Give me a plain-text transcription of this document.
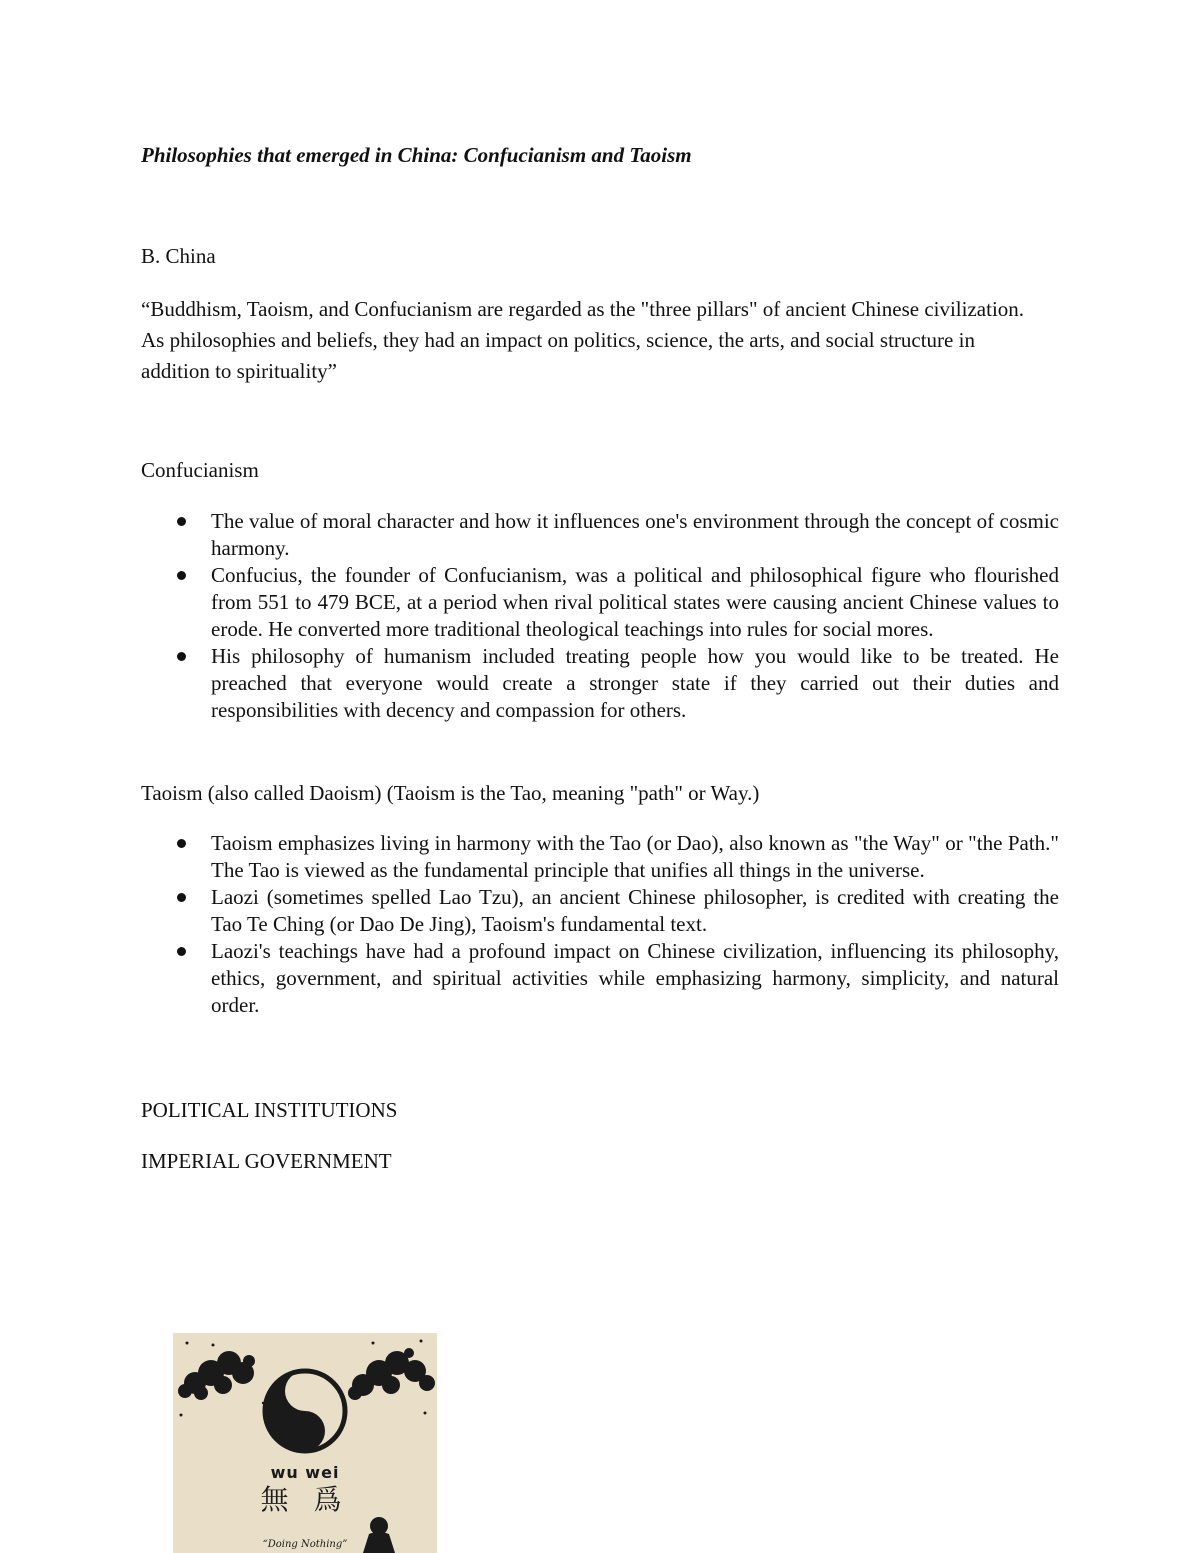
Philosophies that emerged in China: Confucianism and Taoism
B. China
“Buddhism, Taoism, and Confucianism are regarded as the "three pillars" of ancient Chinese civilization. As philosophies and beliefs, they had an impact on politics, science, the arts, and social structure in addition to spirituality”
Confucianism
The value of moral character and how it influences one's environment through the concept of cosmic harmony.
Confucius, the founder of Confucianism, was a political and philosophical figure who flourished from 551 to 479 BCE, at a period when rival political states were causing ancient Chinese values to erode. He converted more traditional theological teachings into rules for social mores.
His philosophy of humanism included treating people how you would like to be treated. He preached that everyone would create a stronger state if they carried out their duties and responsibilities with decency and compassion for others.
Taoism (also called Daoism) (Taoism is the Tao, meaning "path" or Way.)
Taoism emphasizes living in harmony with the Tao (or Dao), also known as "the Way" or "the Path." The Tao is viewed as the fundamental principle that unifies all things in the universe.
Laozi (sometimes spelled Lao Tzu), an ancient Chinese philosopher, is credited with creating the Tao Te Ching (or Dao De Jing), Taoism's fundamental text.
Laozi's teachings have had a profound impact on Chinese civilization, influencing its philosophy, ethics, government, and spiritual activities while emphasizing harmony, simplicity, and natural order.
POLITICAL INSTITUTIONS
IMPERIAL GOVERNMENT
wu wei
無 爲
“Doing Nothing”
